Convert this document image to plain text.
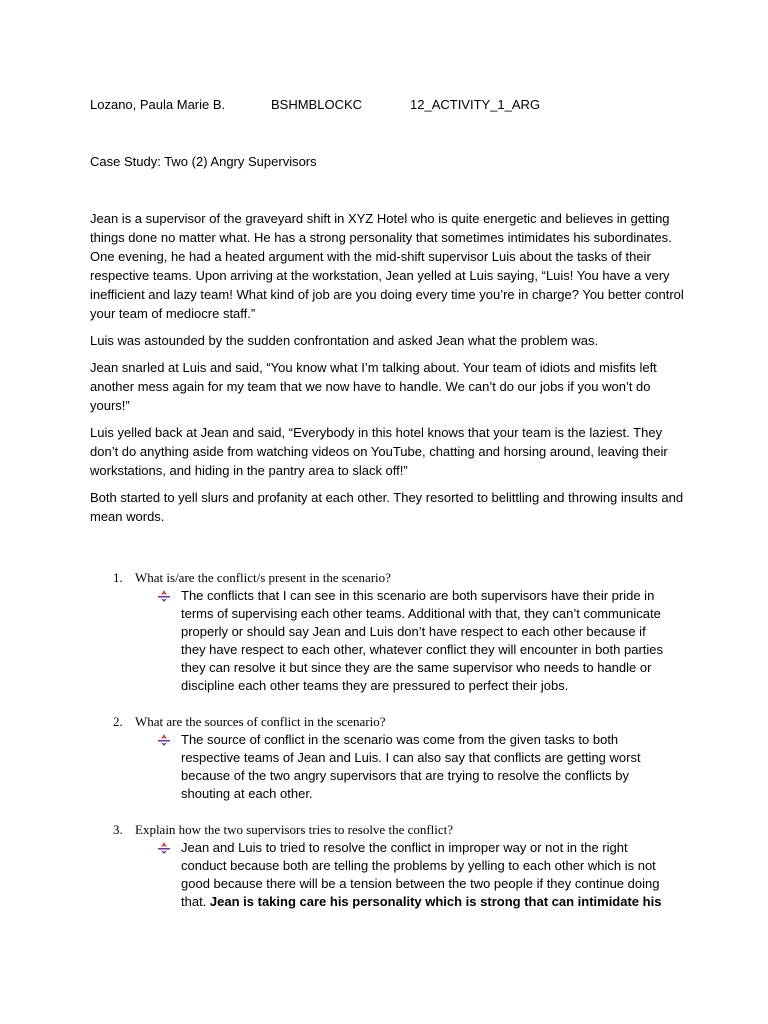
Lozano, Paula Marie B.	BSHMBLOCKC	12_ACTIVITY_1_ARG
Case Study: Two (2) Angry Supervisors

Jean is a supervisor of the graveyard shift in XYZ Hotel who is quite energetic and believes in getting things done no matter what. He has a strong personality that sometimes intimidates his subordinates. One evening, he had a heated argument with the mid-shift supervisor Luis about the tasks of their respective teams. Upon arriving at the workstation, Jean yelled at Luis saying, “Luis! You have a very inefficient and lazy team! What kind of job are you doing every time you’re in charge? You better control your team of mediocre staff.”

Luis was astounded by the sudden confrontation and asked Jean what the problem was.

Jean snarled at Luis and said, “You know what I’m talking about. Your team of idiots and misfits left another mess again for my team that we now have to handle. We can’t do our jobs if you won’t do yours!”

Luis yelled back at Jean and said, “Everybody in this hotel knows that your team is the laziest. They don’t do anything aside from watching videos on YouTube, chatting and horsing around, leaving their workstations, and hiding in the pantry area to slack off!”

Both started to yell slurs and profanity at each other. They resorted to belittling and throwing insults and mean words.

1. What is/are the conflict/s present in the scenario?
The conflicts that I can see in this scenario are both supervisors have their pride in terms of supervising each other teams. Additional with that, they can’t communicate properly or should say Jean and Luis don’t have respect to each other because if they have respect to each other, whatever conflict they will encounter in both parties they can resolve it but since they are the same supervisor who needs to handle or discipline each other teams they are pressured to perfect their jobs.
2. What are the sources of conflict in the scenario?
The source of conflict in the scenario was come from the given tasks to both respective teams of Jean and Luis. I can also say that conflicts are getting worst because of the two angry supervisors that are trying to resolve the conflicts by shouting at each other.
3. Explain how the two supervisors tries to resolve the conflict?
Jean and Luis to tried to resolve the conflict in improper way or not in the right conduct because both are telling the problems by yelling to each other which is not good because there will be a tension between the two people if they continue doing that. Jean is taking care his personality which is strong that can intimidate his
